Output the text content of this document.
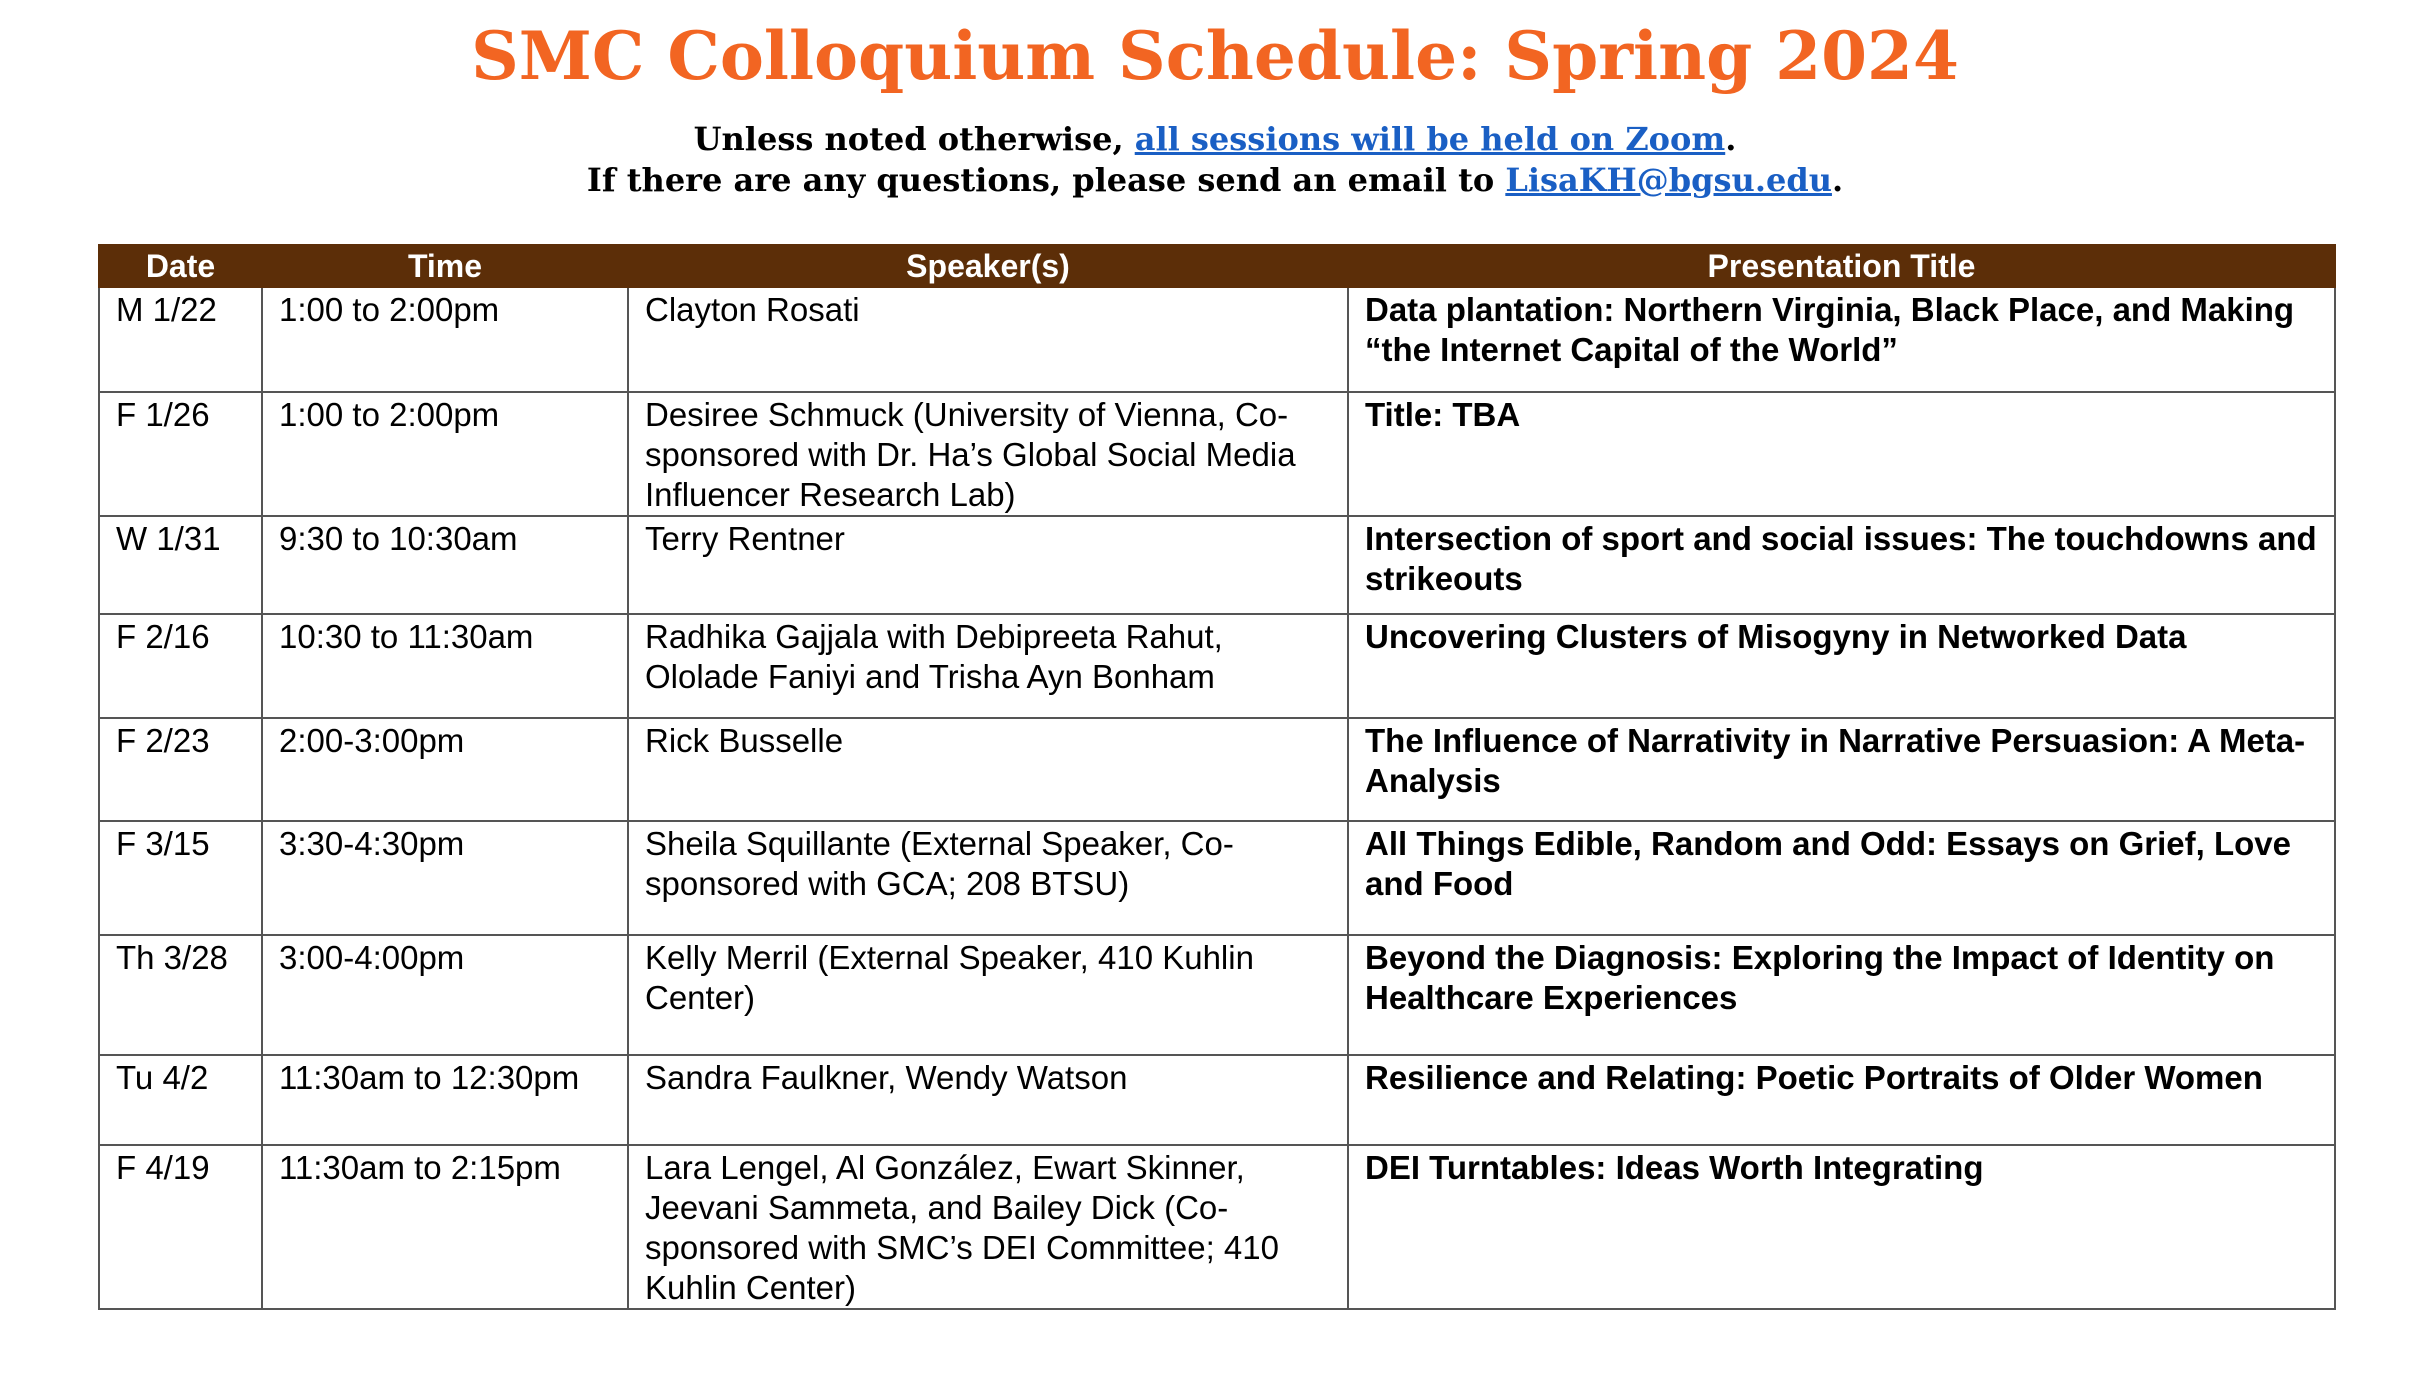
SMC Colloquium Schedule: Spring 2024

Unless noted otherwise, all sessions will be held on Zoom.

If there are any questions, please send an email to LisaKH@bgsu.edu.

Date	Time	Speaker(s)	Presentation Title
M 1/22	1:00 to 2:00pm	Clayton Rosati	Data plantation: Northern Virginia, Black Place, and Making “the Internet Capital of the World”
F 1/26	1:00 to 2:00pm	Desiree Schmuck (University of Vienna, Co-sponsored with Dr. Ha’s Global Social Media Influencer Research Lab)	Title: TBA
W 1/31	9:30 to 10:30am	Terry Rentner	Intersection of sport and social issues: The touchdowns and strikeouts
F 2/16	10:30 to 11:30am	Radhika Gajjala with Debipreeta Rahut, Ololade Faniyi and Trisha Ayn Bonham	Uncovering Clusters of Misogyny in Networked Data
F 2/23	2:00-3:00pm	Rick Busselle	The Influence of Narrativity in Narrative Persuasion: A Meta-Analysis
F 3/15	3:30-4:30pm	Sheila Squillante (External Speaker, Co-sponsored with GCA; 208 BTSU)	All Things Edible, Random and Odd: Essays on Grief, Love and Food
Th 3/28	3:00-4:00pm	Kelly Merril (External Speaker, 410 Kuhlin Center)	Beyond the Diagnosis: Exploring the Impact of Identity on Healthcare Experiences
Tu 4/2	11:30am to 12:30pm	Sandra Faulkner, Wendy Watson	Resilience and Relating: Poetic Portraits of Older Women
F 4/19	11:30am to 2:15pm	Lara Lengel, Al González, Ewart Skinner, Jeevani Sammeta, and Bailey Dick (Co-sponsored with SMC’s DEI Committee; 410 Kuhlin Center)	DEI Turntables: Ideas Worth Integrating
